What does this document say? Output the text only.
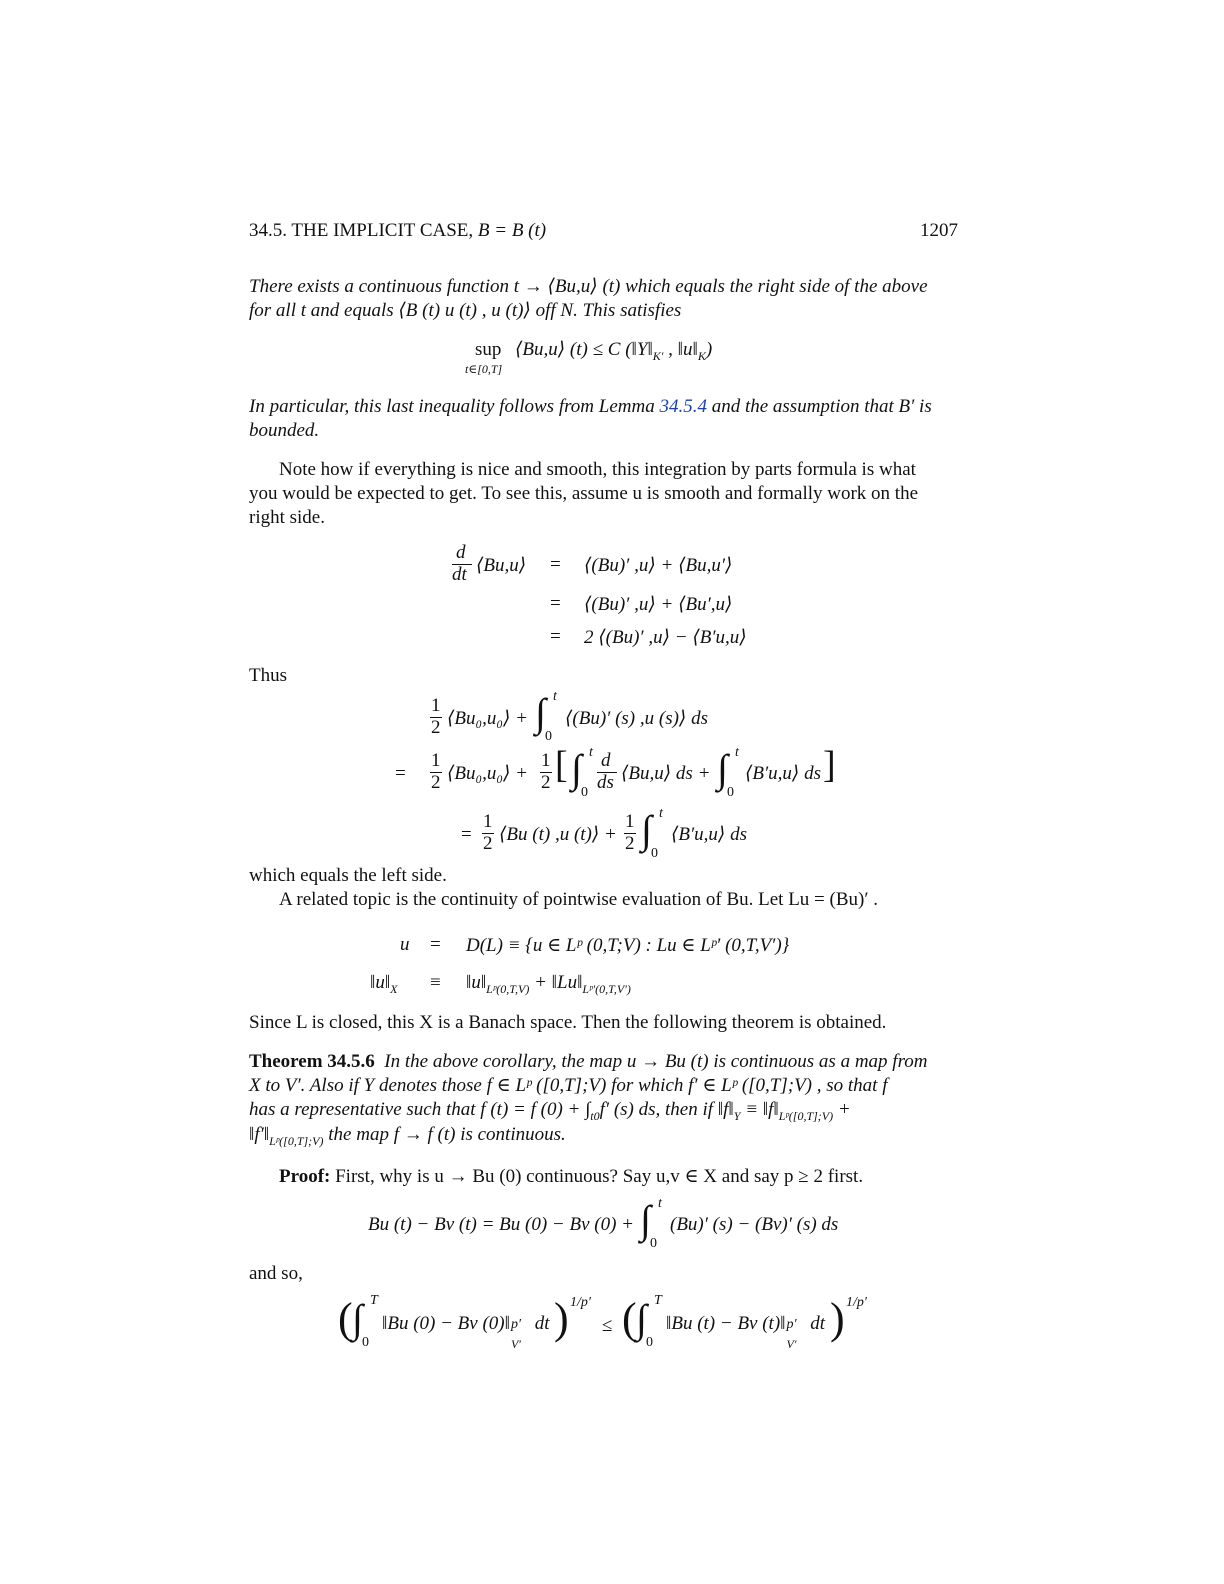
34.5. THE IMPLICIT CASE, B = B (t)	1207
There exists a continuous function t → ⟨Bu,u⟩ (t) which equals the right side of the above
for all t and equals ⟨B (t) u (t) , u (t)⟩ off N. This satisfies
sup
t∈[0,T]
⟨Bu,u⟩ (t) ≤ C ($‖Y‖_{K'}$ , $‖u‖_K$)
In particular, this last inequality follows from Lemma 34.5.4 and the assumption that B′ is
bounded.
Note how if everything is nice and smooth, this integration by parts formula is what
you would be expected to get. To see this, assume u is smooth and formally work on the
right side.
d
dt ⟨Bu,u⟩ = ⟨(Bu)′ ,u⟩ + ⟨Bu,u′⟩
= ⟨(Bu)′ ,u⟩ + ⟨Bu′,u⟩
= 2 ⟨(Bu)′ ,u⟩ − ⟨B′u,u⟩
Thus
1
2 ⟨Bu₀,u₀⟩ + ∫ t
0
⟨(Bu)′ (s) ,u (s)⟩ ds
=
1
2 ⟨Bu₀,u₀⟩ +
1
2 [ ∫ t
0
d
ds ⟨Bu,u⟩ ds + ∫ t
0
⟨B′u,u⟩ ds ]
=
1
2 ⟨Bu (t) ,u (t)⟩ +
1
2 ∫ t
0
⟨B′u,u⟩ ds
which equals the left side.
A related topic is the continuity of pointwise evaluation of Bu. Let Lu = (Bu)′ .
u = D(L) ≡ {u ∈ Lᵖ (0,T;V) : Lu ∈ Lᵖ′ (0,T,V′)}
$‖u‖_X$ ≡ $‖u‖_{Lᵖ(0,T,V)}$ + $‖Lu‖_{Lᵖ'(0,T,V')}$
Since L is closed, this X is a Banach space. Then the following theorem is obtained.
Theorem 34.5.6 In the above corollary, the map u → Bu (t) is continuous as a map from
X to V′. Also if Y denotes those f ∈ Lᵖ ([0,T];V) for which f′ ∈ Lᵖ ([0,T];V) , so that f
has a representative such that f (t) = f $(0) + \int_{t0}f'$ (s) ds, then if $‖f‖_Y$ ≡ $‖f‖_{Lᵖ([0,T];V)}$ +
$‖f'‖_{Lᵖ([0,T];V)}$ the map f → f (t) is continuous.
Proof: First, why is u → Bu (0) continuous? Say u,v ∈ X and say p ≥ 2 first.
Bu (t) − Bv (t) = Bu (0) − Bv (0) + ∫ t
0
(Bu)′ (s) − (Bv)′ (s) ds
and so,
( ∫ T
0
‖Bu (0) − Bv (0)‖ p′
V′
dt ) 1/p′
≤ ( ∫ T
0
‖Bu (t) − Bv (t)‖ p′
V′
dt ) 1/p′
